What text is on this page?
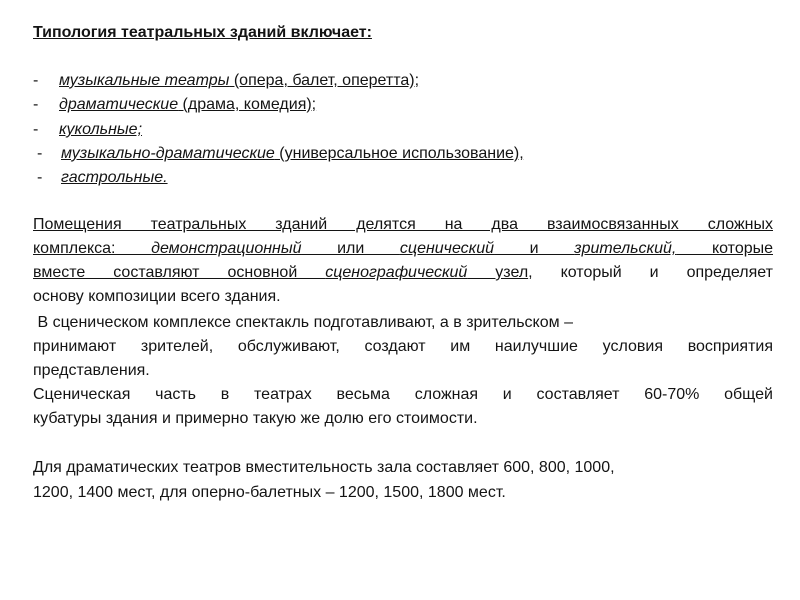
Типология театральных зданий включает:

- музыкальные театры (опера, балет, оперетта);

- драматические (драма, комедия);

- кукольные;

- музыкально-драматические (универсальное использование),

- гастрольные.

Помещения театральных зданий делятся на два взаимосвязанных сложных

комплекса: демонстрационный или сценический и зрительский, которые

вместе составляют основной сценографический узел, который и определяет

основу композиции всего здания.

В сценическом комплексе спектакль подготавливают, а в зрительском –

принимают зрителей, обслуживают, создают им наилучшие условия восприятия

представления.

Сценическая часть в театрах весьма сложная и составляет 60-70% общей

кубатуры здания и примерно такую же долю его стоимости.

Для драматических театров вместительность зала составляет 600, 800, 1000,

1200, 1400 мест, для оперно-балетных – 1200, 1500, 1800 мест.
